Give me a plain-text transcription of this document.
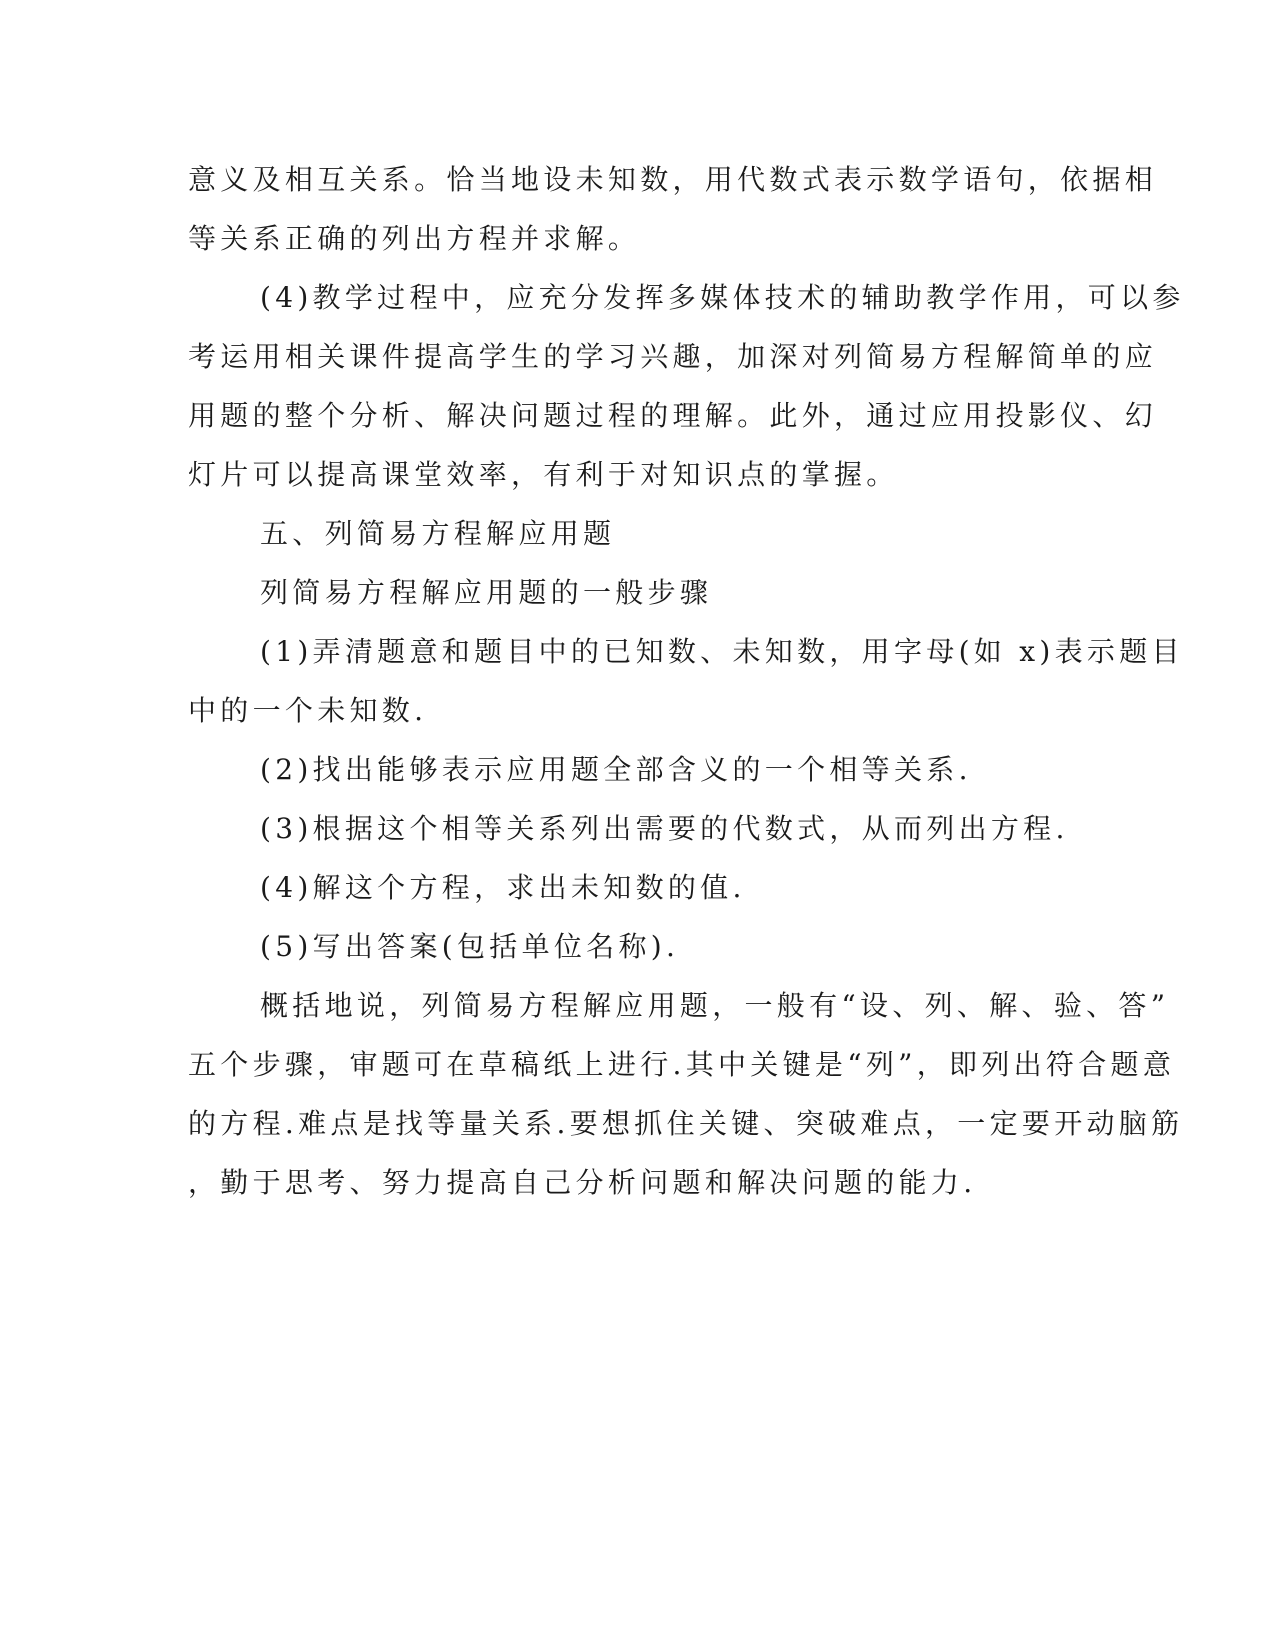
意义及相互关系。恰当地设未知数，用代数式表示数学语句，依据相
等关系正确的列出方程并求解。
(4)教学过程中，应充分发挥多媒体技术的辅助教学作用，可以参
考运用相关课件提高学生的学习兴趣，加深对列简易方程解简单的应
用题的整个分析、解决问题过程的理解。此外，通过应用投影仪、幻
灯片可以提高课堂效率，有利于对知识点的掌握。
五、列简易方程解应用题
列简易方程解应用题的一般步骤
(1)弄清题意和题目中的已知数、未知数，用字母(如 x)表示题目
中的一个未知数.
(2)找出能够表示应用题全部含义的一个相等关系.
(3)根据这个相等关系列出需要的代数式，从而列出方程.
(4)解这个方程，求出未知数的值.
(5)写出答案(包括单位名称).
概括地说，列简易方程解应用题，一般有“设、列、解、验、答”
五个步骤，审题可在草稿纸上进行.其中关键是“列”，即列出符合题意
的方程.难点是找等量关系.要想抓住关键、突破难点，一定要开动脑筋
，勤于思考、努力提高自己分析问题和解决问题的能力.
